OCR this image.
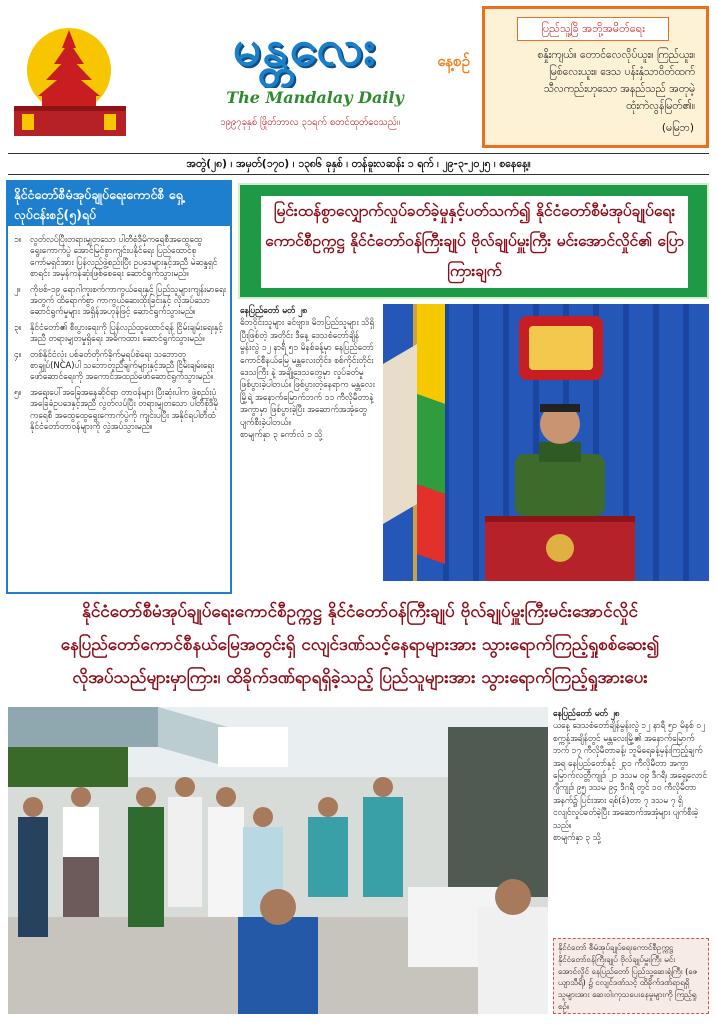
မန္တလေး	နေ့စဉ်
The Mandalay Daily
၁၉၉၇ခုနှစ် ဖြိုတ်ဘာလ ၃၁ရက် စတင်ထုတ်ဝေသည်။
ပြည်သူ့ခြိ အဘို့အမိတ်ရေး
စနှိုးကျယ်။ တောင်လေလိုပ်ယူး။ ကြည်ယူး။
မြစ်လေးယူး။ ဒေသ ပန်းနှံသာဝိတ်ထက်
သီလကည်းဟုသော အနည်သည် အတုမဲ့
ထုံးကဲလွန်မြတ်၏။
(မမြဘ)
အတွဲ(၂၈) ၊ အမှတ်(၁၇၀) ၊ ၁၃၈၆ ခုနှစ် ၊ တန်ခူးလဆန်း ၁ ရက် ၊ ၂၉-၃-၂၀၂၅ ၊ စနေနေ့။
နိုင်ငံတော်စီမံအုပ်ချုပ်ရေးကောင်စီ ရှေ့လုပ်ငန်းစဉ်(၅)ရပ်
၁။	လွတ်လပ်ပြီးတရားမျှတသော ပါတီစုံဒီမိုကရေစီအထွေထွေ ရွေးကောက်ပွဲ အောင်မြင်စွာကျင်းပနိုင်ရေး ပြည်ထောင်စု ကော်မရှင်အား ပြန်လည်ဖွဲ့စည်းပြီး ဥပဒေများနှင့်အညီ မဲဆန္ဒရှင်စာရင်း အမှန်ကန်ဆုံးဖြစ်စေရေး ဆောင်ရွက်သွားမည်။
၂။	ကိုဗစ်-၁၉ ရောဂါကူးစက်ကာကွယ်ရေးနှင့် ပြည်သူများကျန်းမာရေး အတွက် ထိရောက်စွာ ကာကွယ်ဆေးထိုးခြင်းနှင့် လိုအပ်သောဆောင်ရွက်မှုများ အရှိန်အဟုန်ဖြင့် ဆောင်ရွက်သွားမည်။
၃။	နိုင်ငံတော်၏ စီးပွားရေးကို ပြန်လည်ထူထောင်ရန် ငြိမ်းချမ်းရေးနှင့်အညီ တရားမျှတမှုရှိရေး အဓိကထား ဆောင်ရွက်သွားမည်။
၄။	တစ်နိုင်ငံလုံး ပစ်ခတ်တိုက်ခိုက်မှုရပ်စဲရေး သဘောတူစာချုပ်(NCA)ပါ သဘောတူညီချက်များနှင့်အညီ ငြိမ်းချမ်းရေးဖော်ဆောင်ရေးကို အကောင်အထည်ဖော်ဆောင်ရွက်သွားမည်။
၅။	အရေးပေါ်အခြေအနေဆိုင်ရာ တာဝန်များ ပြီးဆုံးပါက ဖွဲ့စည်းပုံ အခြေခံဥပဒေနှင့်အညီ လွတ်လပ်ပြီး တရားမျှတသော ပါတီစုံဒီမိုကရေစီ အထွေထွေရွေးကောက်ပွဲကို ကျင်းပပြီး အနိုင်ရပါတီထံ နိုင်ငံတော်တာဝန်များကို လွှဲအပ်သွားမည်။
မြင်းထန်စွာလျှောက်လှုပ်ခတ်ခဲ့မှုနှင့်ပတ်သက်၍ နိုင်ငံတော်စီမံအုပ်ချုပ်ရေးကောင်စီဥက္ကဋ္ဌ နိုင်ငံတော်ဝန်ကြီးချုပ် ဗိုလ်ချုပ်မှူးကြီး မင်းအောင်လှိုင်၏ ပြောကြားချက်
နေပြည်တော် မတ် ၂၈
ဓိဘဝိုင်းသူများ ခင်ဗျား၊ မိဘပြည်သူများ သိရှိပြီးဖြစ်တဲ့ အတိုင်း ဒီနေ့ ဒေသစံတော်ချိန် မွန်းလွဲ ၁၂ နာရီ ၅၁ မိနစ်ခန့်မှာ နေပြည်တော် ကောင်စီနယ်မြေ မန္တလေးတိုင်း၊ စစ်ကိုင်းတိုင်းဒေသကြီး နဲ့ အချို့ဒေသတွေမှာ လှုပ်ခတ်မှု ဖြစ်ပွားခဲ့ပါတယ်။ ဖြစ်ပွားတဲ့နေရာက မန္တလေးမြို့ရဲ့ အနောက်မြောက်ဘက် ၁၁ ကီလိုမီတာနဲ့ အကွာမှာ ဖြစ်ပွားခဲ့ပြီး အဆောက်အအုံတွေ ပျက်စီးခဲ့ပါတယ်။
စာမျက်နှာ ၃ ကော်လံ ၁ သို့
နိုင်ငံတော်စီမံအုပ်ချုပ်ရေးကောင်စီဥက္ကဋ္ဌ နိုင်ငံတော်ဝန်ကြီးချုပ် ဗိုလ်ချုပ်မှူးကြီးမင်းအောင်လှိုင်
နေပြည်တော်ကောင်စီနယ်မြေအတွင်းရှိ ငလျင်ဒဏ်သင့်နေရာများအား သွားရောက်ကြည့်ရှုစစ်ဆေး၍
လိုအပ်သည်များမှာကြား၊ ထိခိုက်ဒဏ်ရာရရှိခဲ့သည့် ပြည်သူများအား သွားရောက်ကြည့်ရှုအားပေး
နေပြည်တော် မတ် ၂၈
ယနေ့ ဒေသစံတော်ချိန်မွန်းလွဲ ၁၂ နာရီ ၅၁ မိနစ် ၀၂ စက္ကန့်အချိန်တွင် မန္တလေးမြို့၏ အနောက်မြောက်ဘက် ၁၇ ကီလိုမီတာခန့်၊ ဘူမိရေခန့်မှန်းကြည့်ချက် အရ နေပြည်တော်နှင့် ၂၃၁ ကီလိုမီတာ အကွာ မြောက်လတ္တီကျုဒ် ၂၁ ဒသမ ၀၉ ဒီဂရီ၊ အရှေ့လောင်ဂျီကျုဒ် ၉၅ ဒသမ ၉၄ ဒီဂရီ တွင် ၁၀ ကီလိုမီတာ အနက်၌ ပြင်းအား ရစ်(ခ်)တာ ၇ ဒသမ ၇ ရှိ ငလျင်လှုပ်ခတ်ခဲ့ပြီး အဆောက်အအုံများ ပျက်စီးခဲ့သည်။
စာမျက်နှာ ၃ သို့
နိုင်ငံတော် စီမံအုပ်ချုပ်ရေးကောင်စီဥက္ကဋ္ဌ နိုင်ငံတော်ဝန်ကြီးချုပ် ဗိုလ်ချုပ်မှူးကြီး မင်းအောင်လှိုင် နေပြည်တော် ပြည်သူ့ဆေးရုံကြီး (ဇေယျာသီရိ) ၌ ငလျင်ဒဏ်သင့် ထိခိုက်ဒဏ်ရာရရှိသူများအား ဆေးဝါးကုသပေးနေမှုများကို ကြည့်ရှုစဉ်။
